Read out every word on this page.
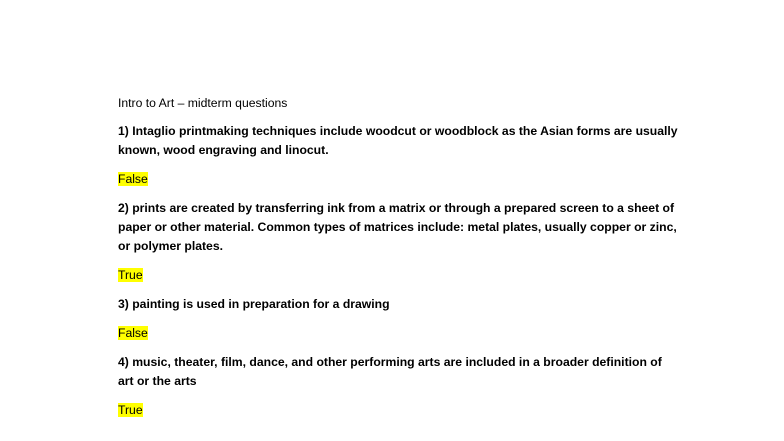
Intro to Art – midterm questions
1) Intaglio printmaking techniques include woodcut or woodblock as the Asian forms are usually known, wood engraving and linocut.
False
2) prints are created by transferring ink from a matrix or through a prepared screen to a sheet of paper or other material. Common types of matrices include: metal plates, usually copper or zinc, or polymer plates.
True
3) painting is used in preparation for a drawing
False
4) music, theater, film, dance, and other performing arts are included in a broader definition of art or the arts
True
